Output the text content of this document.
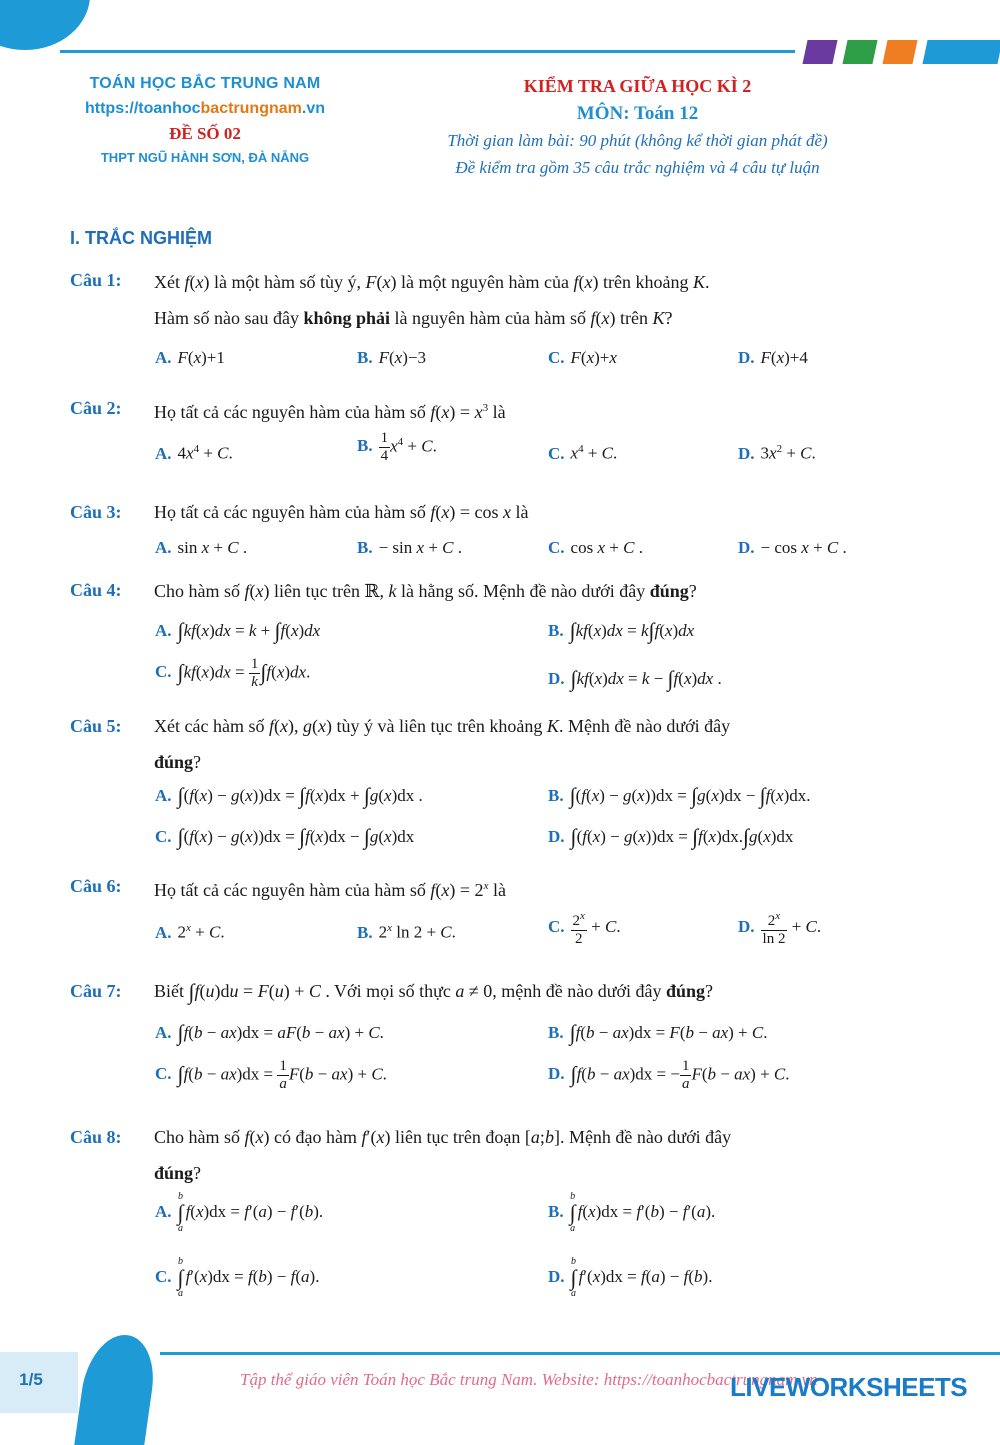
TOÁN HỌC BẮC TRUNG NAM
https://toanhocbactrungnam.vn
ĐỀ SỐ 02
THPT NGŨ HÀNH SƠN, ĐÀ NẴNG
KIỂM TRA GIỮA HỌC KÌ 2
MÔN: Toán 12
Thời gian làm bài: 90 phút (không kể thời gian phát đề)
Đề kiểm tra gồm 35 câu trắc nghiệm và 4 câu tự luận
I. TRẮC NGHIỆM
Câu 1: Xét f(x) là một hàm số tùy ý, F(x) là một nguyên hàm của f(x) trên khoảng K.
Hàm số nào sau đây không phải là nguyên hàm của hàm số f(x) trên K?
A. F(x)+1	B. F(x)−3	C. F(x)+x	D. F(x)+4
Câu 2: Họ tất cả các nguyên hàm của hàm số $f(x) = x^3$ là
A. $4x^4 + C$.	B. $\frac{1}{4} x^4 + C$.	C. $x^4 + C$.	D. $3x^2 + C$.
Câu 3: Họ tất cả các nguyên hàm của hàm số f(x) = cos x là
A. sin x + C .	B. − sin x + C .	C. cos x + C .	D. − cos x + C .
Câu 4: Cho hàm số f(x) liên tục trên ℝ, k là hằng số. Mệnh đề nào dưới đây đúng?
A. ∫kf(x)dx = k + ∫f(x)dx	B. ∫kf(x)dx = k∫f(x)dx
C. $\int kf(x)dx = \frac{1}{k} \int f(x)dx$.	D. ∫kf(x)dx = k − ∫f(x)dx .
Câu 5: Xét các hàm số f(x), g(x) tùy ý và liên tục trên khoảng K. Mệnh đề nào dưới đây
đúng?
A. ∫(f(x) − g(x))dx = ∫f(x)dx + ∫g(x)dx .	B. ∫(f(x) − g(x))dx = ∫g(x)dx − ∫f(x)dx.
C. ∫(f(x) − g(x))dx = ∫f(x)dx − ∫g(x)dx	D. ∫(f(x) − g(x))dx = ∫f(x)dx.∫g(x)dx
Câu 6: Họ tất cả các nguyên hàm của hàm số $f(x) = 2^x$ là
A. $2^x + C$.	B. 2$^x$ ln 2 + C.	C. $\frac{2^x}{2} + C$.	D. $\frac{2^x}{\ln 2} + C$.
Câu 7: Biết ∫f(u)du = F(u) + C . Với mọi số thực a ≠ 0, mệnh đề nào dưới đây đúng?
A. ∫f(b − ax)dx = aF(b − ax) + C.	B. ∫f(b − ax)dx = F(b − ax) + C.
C. $\int f(b - ax)dx = \frac{1}{a} F(b - ax) + C$.	D. ∫f(b − ax)dx = − $\frac{1}{a} F(b - ax) + C$.
Câu 8: Cho hàm số f(x) có đạo hàm f′(x) liên tục trên đoạn [a;b]. Mệnh đề nào dưới đây
đúng?
A.b
∫
af(x)dx = f′(a) − f′(b).	B.b
∫
af(x)dx = f′(b) − f′(a).
C.b
∫
af′(x)dx = f(b) − f(a).	D.b
∫
af′(x)dx = f(a) − f(b).
1/5	Tập thể giáo viên Toán học Bắc trung Nam. Website: https://toanhocbactrungnam.vn
LIVEWORKSHEETS
